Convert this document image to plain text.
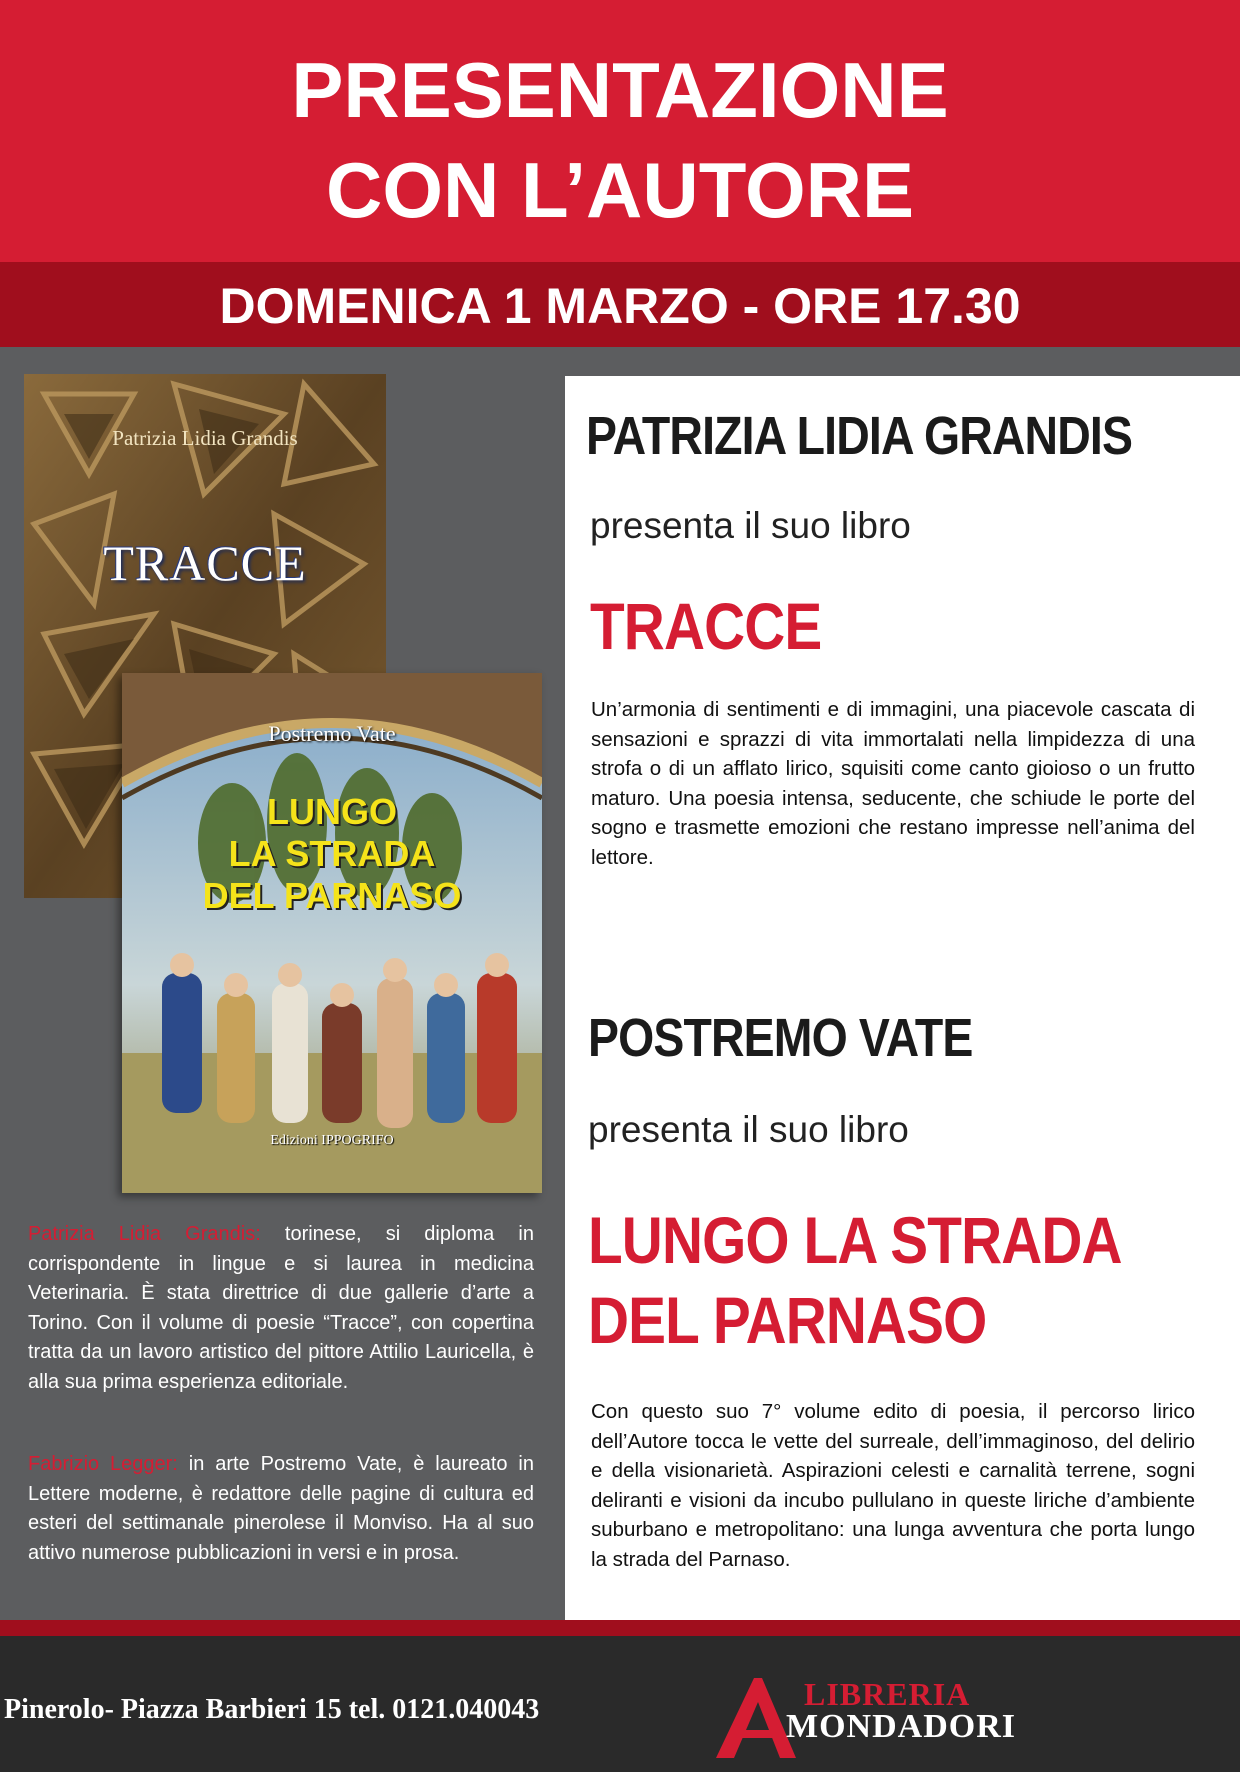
PRESENTAZIONE
CON L’AUTORE
DOMENICA 1 MARZO - ORE 17.30
Patrizia Lidia Grandis
TRACCE
Postremo Vate
LUNGO
LA STRADA
DEL PARNASO
Edizioni IPPOGRIFO

Patrizia Lidia Grandis: torinese, si diploma in corrispondente in lingue e si laurea in medicina Veterinaria. È stata direttrice di due gallerie d’arte a Torino. Con il volume di poesie “Tracce”, con copertina tratta da un lavoro artistico del pittore Attilio Lauricella, è alla sua prima esperienza editoriale.

Fabrizio Legger: in arte Postremo Vate, è laureato in Lettere moderne, è redattore delle pagine di cultura ed esteri del settimanale pinerolese il Monviso. Ha al suo attivo numerose pubblicazioni in versi e in prosa.

PATRIZIA LIDIA GRANDIS

presenta il suo libro

TRACCE

Un’armonia di sentimenti e di immagini, una piacevole cascata di sensazioni e sprazzi di vita immortalati nella limpidezza di una strofa o di un afflato lirico, squisiti come canto gioioso o un frutto maturo. Una poesia intensa, seducente, che schiude le porte del sogno e trasmette emozioni che restano impresse nell’anima del lettore.

POSTREMO VATE

presenta il suo libro

LUNGO LA STRADA
DEL PARNASO

Con questo suo 7° volume edito di poesia, il percorso lirico dell’Autore tocca le vette del surreale, dell’immaginoso, del delirio e della visionarietà. Aspirazioni celesti e carnalità terrene, sogni deliranti e visioni da incubo pullulano in queste liriche d’ambiente suburbano e metropolitano: una lunga avventura che porta lungo la strada del Parnaso.

Pinerolo- Piazza Barbieri 15 tel. 0121.040043	LIBRERIA
MONDADORI
